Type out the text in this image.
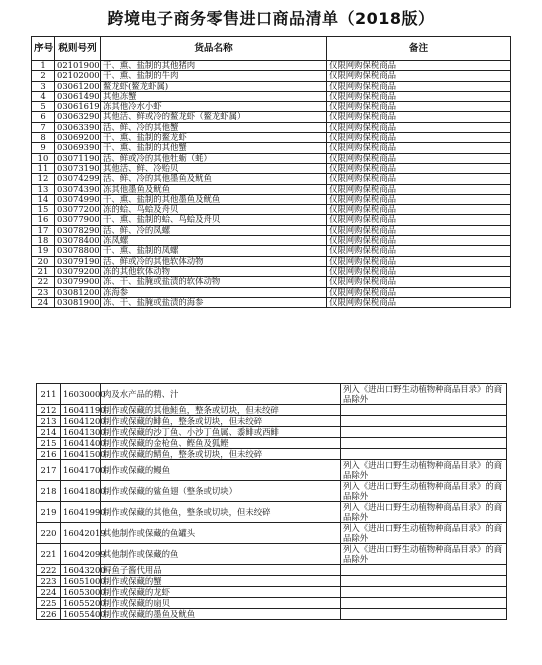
跨境电子商务零售进口商品清单（2018版）
序号	税则号列	货品名称	备注
1	02101900	干、熏、盐制的其他猪肉	仅限网购保税商品
2	02102000	干、熏、盐制的牛肉	仅限网购保税商品
3	03061200	鳌龙虾(鳌龙虾属)	仅限网购保税商品
4	03061490	其他冻蟹	仅限网购保税商品
5	03061619	冻其他冷水小虾	仅限网购保税商品
6	03063290	其他活、鲜或冷的鳌龙虾（鳌龙虾属）	仅限网购保税商品
7	03063390	活、鲜、冷的其他蟹	仅限网购保税商品
8	03069200	干、熏、盐制的鳌龙虾	仅限网购保税商品
9	03069390	干、熏、盐制的其他蟹	仅限网购保税商品
10	03071190	活、鲜或冷的其他牡蛎（蚝）	仅限网购保税商品
11	03073190	其他活、鲜、冷贻贝	仅限网购保税商品
12	03074299	活、鲜、冷的其他墨鱼及鱿鱼	仅限网购保税商品
13	03074390	冻其他墨鱼及鱿鱼	仅限网购保税商品
14	03074990	干、熏、盐制的其他墨鱼及鱿鱼	仅限网购保税商品
15	03077200	冻的蛤、鸟蛤及舟贝	仅限网购保税商品
16	03077900	干、熏、盐制的蛤、鸟蛤及舟贝	仅限网购保税商品
17	03078290	活、鲜、冷的凤螺	仅限网购保税商品
18	03078400	冻凤螺	仅限网购保税商品
19	03078800	干、熏、盐制的凤螺	仅限网购保税商品
20	03079190	活、鲜或冷的其他软体动物	仅限网购保税商品
21	03079200	冻的其他软体动物	仅限网购保税商品
22	03079900	冻、干、盐腌或盐渍的软体动物	仅限网购保税商品
23	03081200	冻海参	仅限网购保税商品
24	03081900	冻、干、盐腌或盐渍的海参	仅限网购保税商品
211	16030000	肉及水产品的精、汁	列入《进出口野生动植物种商品目录》的商品除外
212	16041190	制作或保藏的其他鲑鱼，整条或切块，但未绞碎	
213	16041200	制作或保藏的鲱鱼，整条或切块，但未绞碎	
214	16041300	制作或保藏的沙丁鱼、小沙丁鱼属、黍鲱或西鲱	
215	16041400	制作或保藏的金枪鱼、鲣鱼及狐鲣	
216	16041500	制作或保藏的鲭鱼，整条或切块，但未绞碎	
217	16041700	制作或保藏的鳗鱼	列入《进出口野生动植物种商品目录》的商品除外
218	16041800	制作或保藏的鲨鱼翅（整条或切块）	列入《进出口野生动植物种商品目录》的商品除外
219	16041990	制作或保藏的其他鱼，整条或切块，但未绞碎	列入《进出口野生动植物种商品目录》的商品除外
220	16042019	其他制作或保藏的鱼罐头	列入《进出口野生动植物种商品目录》的商品除外
221	16042099	其他制作或保藏的鱼	列入《进出口野生动植物种商品目录》的商品除外
222	16043200	鲟鱼子酱代用品	
223	16051000	制作或保藏的蟹	
224	16053000	制作或保藏的龙虾	
225	16055200	制作或保藏的扇贝	
226	16055400	制作或保藏的墨鱼及鱿鱼	
